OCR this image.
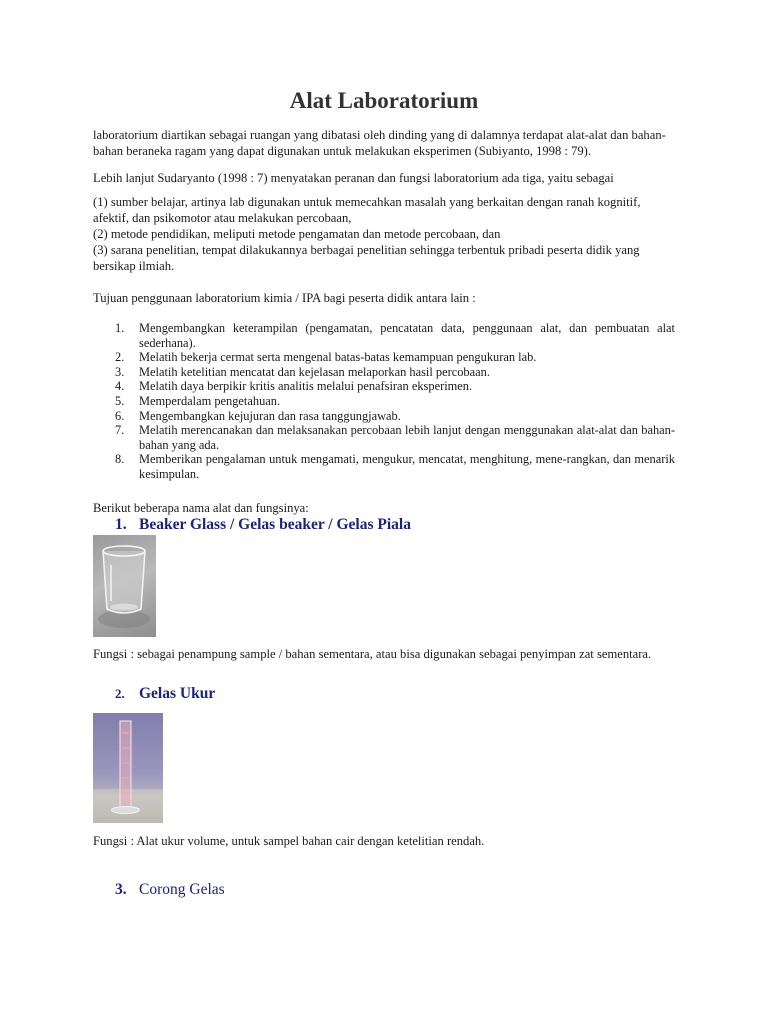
Alat Laboratorium

laboratorium diartikan sebagai ruangan yang dibatasi oleh dinding yang di dalamnya terdapat alat-alat dan bahan-bahan beraneka ragam yang dapat digunakan untuk melakukan eksperimen (Subiyanto, 1998 : 79).

Lebih lanjut Sudaryanto (1998 : 7) menyatakan peranan dan fungsi laboratorium ada tiga, yaitu sebagai

(1) sumber belajar, artinya lab digunakan untuk memecahkan masalah yang berkaitan dengan ranah kognitif, afektif, dan psikomotor atau melakukan percobaan,
(2) metode pendidikan, meliputi metode pengamatan dan metode percobaan, dan
(3) sarana penelitian, tempat dilakukannya berbagai penelitian sehingga terbentuk pribadi peserta didik yang bersikap ilmiah.

Tujuan penggunaan laboratorium kimia / IPA bagi peserta didik antara lain :

1.	Mengembangkan keterampilan (pengamatan, pencatatan data, penggunaan alat, dan pembuatan alat sederhana).
2.	Melatih bekerja cermat serta mengenal batas-batas kemampuan pengukuran lab.
3.	Melatih ketelitian mencatat dan kejelasan melaporkan hasil percobaan.
4.	Melatih daya berpikir kritis analitis melalui penafsiran eksperimen.
5.	Memperdalam pengetahuan.
6.	Mengembangkan kejujuran dan rasa tanggungjawab.
7.	Melatih merencanakan dan melaksanakan percobaan lebih lanjut dengan menggunakan alat-alat dan bahan-bahan yang ada.
8.	Memberikan pengalaman untuk mengamati, mengukur, mencatat, menghitung, mene-rangkan, dan menarik kesimpulan.

Berikut beberapa nama alat dan fungsinya:

1. Beaker Glass / Gelas beaker / Gelas Piala

Fungsi : sebagai penampung sample / bahan sementara, atau bisa digunakan sebagai penyimpan zat sementara.

2. Gelas Ukur

Fungsi : Alat ukur volume, untuk sampel bahan cair dengan ketelitian rendah.

3. Corong Gelas
